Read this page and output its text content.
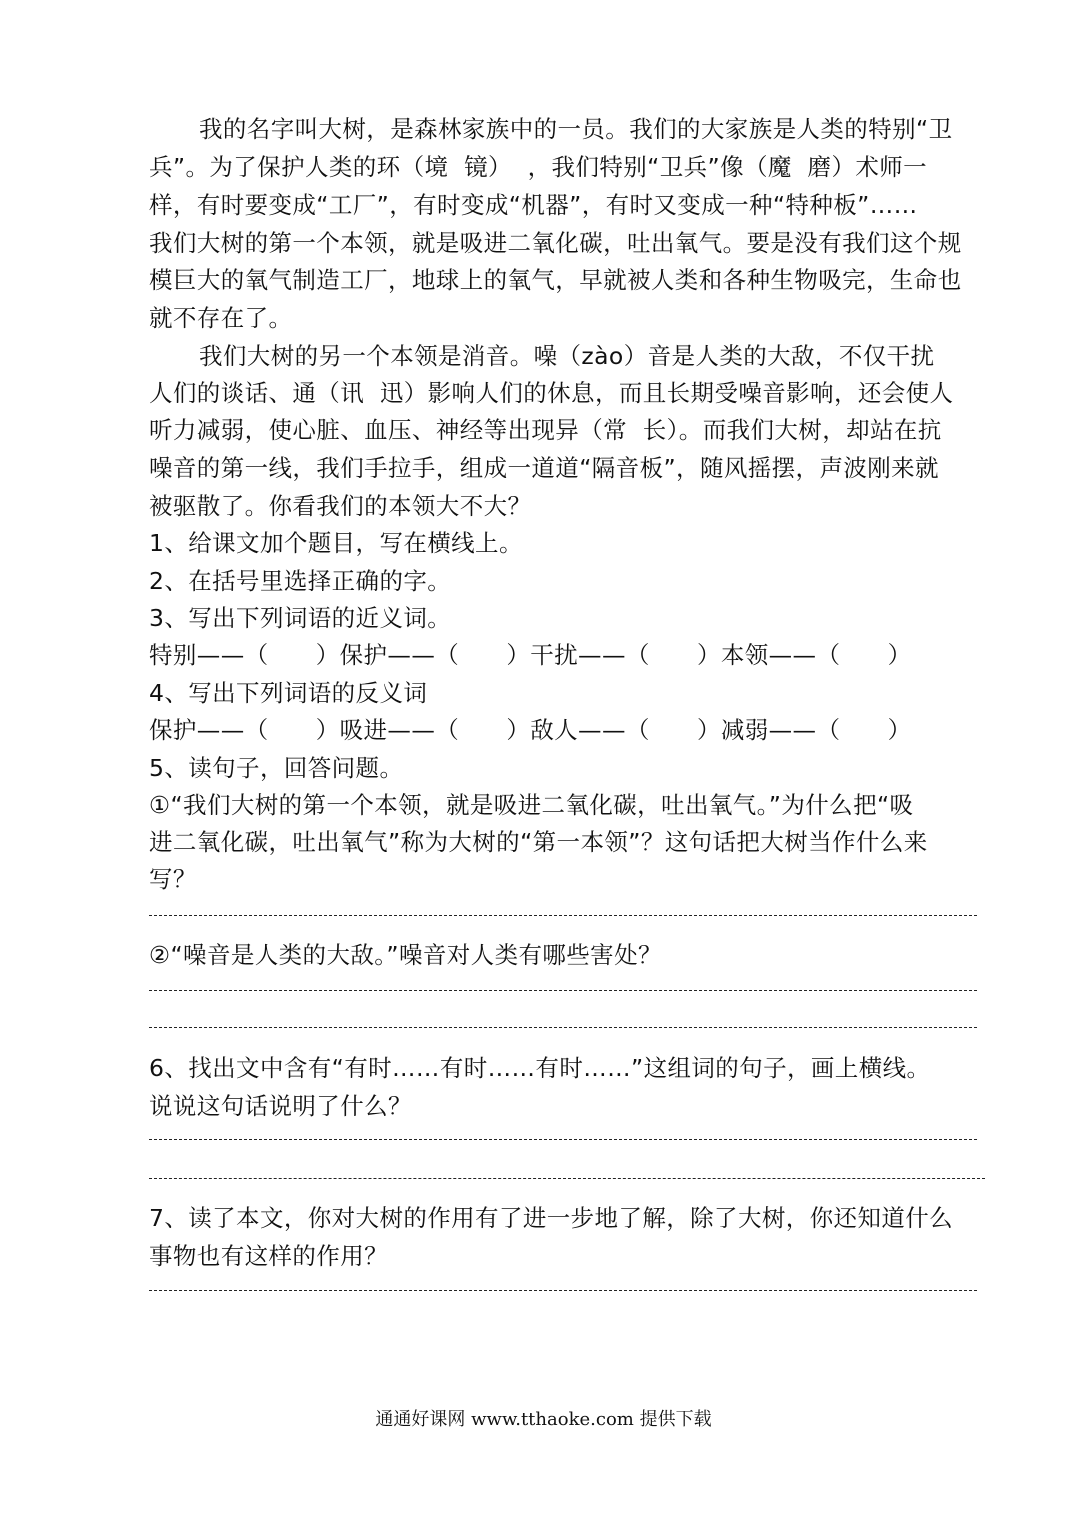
我的名字叫大树，是森林家族中的一员。我们的大家族是人类的特别“卫
兵”。为了保护人类的环（境  镜）  ，我们特别“卫兵”像（魔  磨）术师一
样，有时要变成“工厂”，有时变成“机器”，有时又变成一种“特种板”……
我们大树的第一个本领，就是吸进二氧化碳，吐出氧气。要是没有我们这个规
模巨大的氧气制造工厂，地球上的氧气，早就被人类和各种生物吸完，生命也
就不存在了。
我们大树的另一个本领是消音。噪（zào）音是人类的大敌，不仅干扰
人们的谈话、通（讯  迅）影响人们的休息，而且长期受噪音影响，还会使人
听力减弱，使心脏、血压、神经等出现异（常  长）。而我们大树，却站在抗
噪音的第一线，我们手拉手，组成一道道“隔音板”，随风摇摆，声波刚来就
被驱散了。你看我们的本领大不大？
1、给课文加个题目，写在横线上。
2、在括号里选择正确的字。
3、写出下列词语的近义词。
特别——（      ）保护——（      ）干扰——（      ）本领——（      ）
4、写出下列词语的反义词
保护——（      ）吸进——（      ）敌人——（      ）减弱——（      ）
5、读句子，回答问题。
①“我们大树的第一个本领，就是吸进二氧化碳，吐出氧气。”为什么把“吸
进二氧化碳，吐出氧气”称为大树的“第一本领”？这句话把大树当作什么来
写？
②“噪音是人类的大敌。”噪音对人类有哪些害处？
6、找出文中含有“有时……有时……有时……”这组词的句子，画上横线。
说说这句话说明了什么？
7、读了本文，你对大树的作用有了进一步地了解，除了大树，你还知道什么
事物也有这样的作用？
通通好课网 www.tthaoke.com 提供下载
